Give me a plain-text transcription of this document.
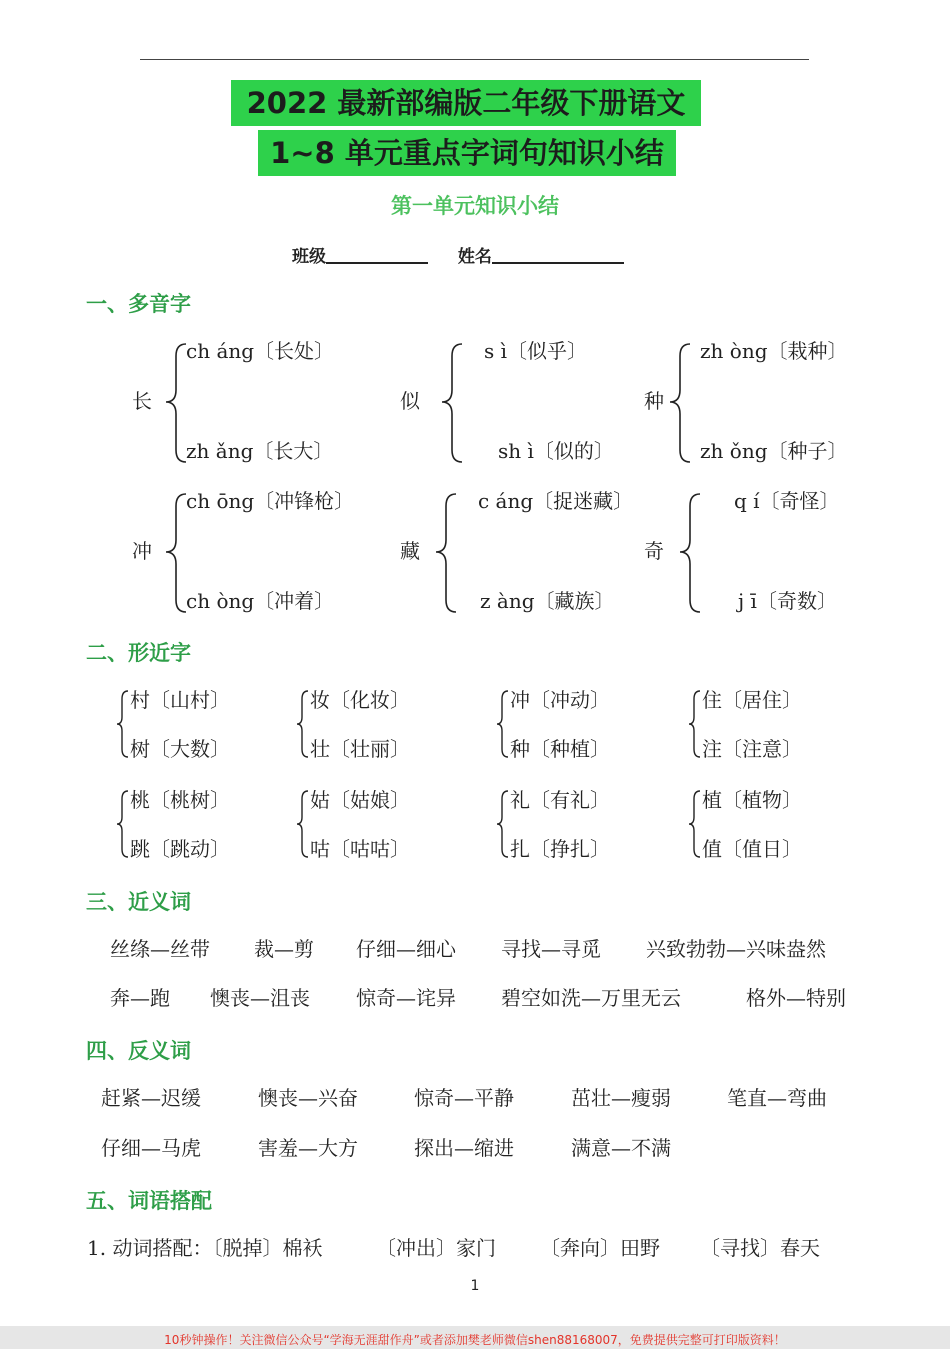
2022 最新部编版二年级下册语文
1~8 单元重点字词句知识小结
第一单元知识小结
班级	姓名
一、多音字
长
ch áng〔长处〕
zh ǎng〔长大〕
似
s ì〔似乎〕
sh ì〔似的〕
种
zh òng〔栽种〕
zh ǒng〔种子〕
冲
ch ōng〔冲锋枪〕
ch òng〔冲着〕
藏
c áng〔捉迷藏〕
z àng〔藏族〕
奇
q í〔奇怪〕
j ī〔奇数〕
二、形近字
村〔山村〕
树〔大数〕
妆〔化妆〕
壮〔壮丽〕
冲〔冲动〕
种〔种植〕
住〔居住〕
注〔注意〕
桃〔桃树〕
跳〔跳动〕
姑〔姑娘〕
咕〔咕咕〕
礼〔有礼〕
扎〔挣扎〕
植〔植物〕
值〔值日〕
三、近义词
丝绦—丝带 裁—剪 仔细—细心 寻找—寻觅 兴致勃勃—兴味盎然
奔—跑 懊丧—沮丧 惊奇—诧异 碧空如洗—万里无云	格外—特别
四、反义词
赶紧—迟缓	懊丧—兴奋	惊奇—平静	茁壮—瘦弱	笔直—弯曲
仔细—马虎	害羞—大方	探出—缩进	满意—不满
五、词语搭配
1. 动词搭配：〔脱掉〕棉袄	〔冲出〕家门 〔奔向〕田野 〔寻找〕春天
1
10秒钟操作！关注微信公众号“学海无涯甜作舟”或者添加樊老师微信shen88168007，免费提供完整可打印版资料！
